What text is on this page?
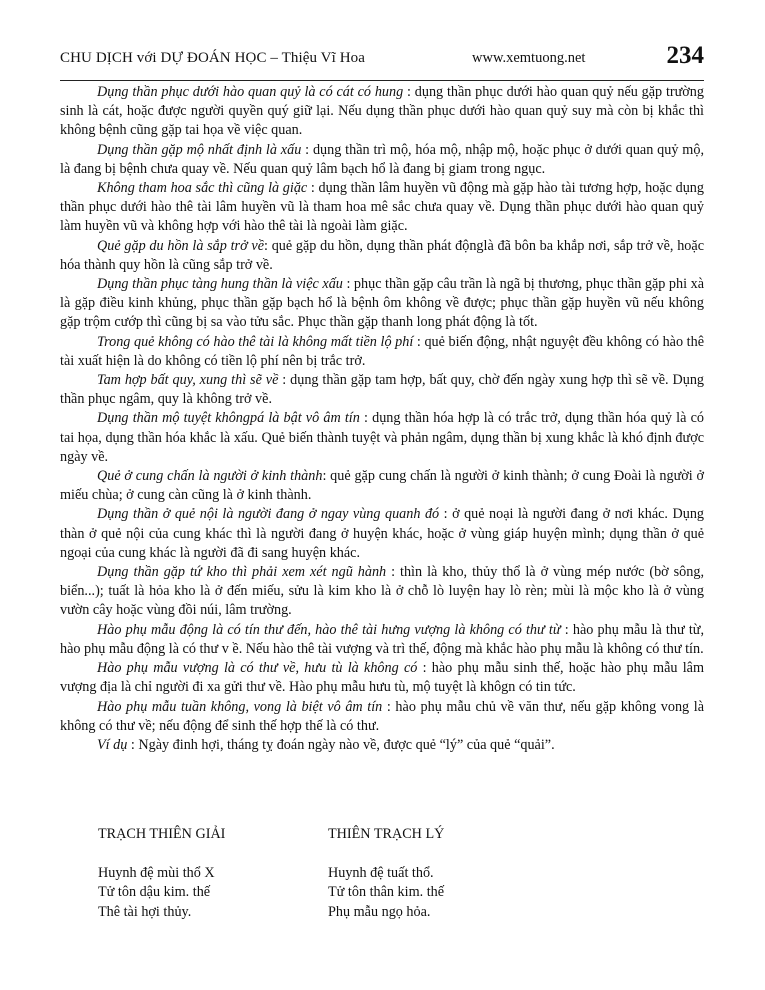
CHU DỊCH với DỰ ĐOÁN HỌC – Thiệu Vĩ Hoa	www.xemtuong.net	234

Dụng thần phục dưới hào quan quỷ là có cát có hung : dụng thần phục dưới hào quan quỷ nếu gặp trường sinh là cát, hoặc được người quyền quý giữ lại. Nếu dụng thần phục dưới hào quan quỷ suy mà còn bị khắc thì không bệnh cũng gặp tai họa về việc quan.

Dụng thần gặp mộ nhất định là xấu : dụng thần trì mộ, hóa mộ, nhập mộ, hoặc phục ở dưới quan quỷ mộ, là đang bị bệnh chưa quay về. Nếu quan quỷ lâm bạch hổ là đang bị giam trong ngục.

Không tham hoa sắc thì cũng là giặc : dụng thần lâm huyền vũ động mà gặp hào tài tương hợp, hoặc dụng thần phục dưới hào thê tài lâm huyền vũ là tham hoa mê sắc chưa quay về. Dụng thần phục dưới hào quan quỷ làm huyền vũ và không hợp với hào thê tài là ngoài làm giặc.

Quẻ gặp du hồn là sắp trở về: quẻ gặp du hồn, dụng thần phát độnglà đã bôn ba khắp nơi, sắp trở về, hoặc hóa thành quy hồn là cũng sắp trở về.

Dụng thần phục tàng hung thần là việc xấu : phục thần gặp câu trần là ngã bị thương, phục thần gặp phi xà là gặp điều kinh khủng, phục thần gặp bạch hổ là bệnh ôm không về được; phục thần gặp huyền vũ nếu không gặp trộm cướp thì cũng bị sa vào tửu sắc. Phục thần gặp thanh long phát động là tốt.

Trong quẻ không có hào thê tài là không mất tiền lộ phí : quẻ biến động, nhật nguyệt đều không có hào thê tài xuất hiện là do không có tiền lộ phí nên bị trắc trở.

Tam hợp bất quy, xung thì sẽ về : dụng thần gặp tam hợp, bất quy, chờ đến ngày xung hợp thì sẽ về. Dụng thần phục ngâm, quy là không trở về.

Dụng thần mộ tuyệt khôngpá là bật vô âm tín : dụng thần hóa hợp là có trắc trở, dụng thần hóa quỷ là có tai họa, dụng thần hóa khắc là xấu. Quẻ biến thành tuyệt và phản ngâm, dụng thần bị xung khắc là khó định được ngày về.

Quẻ ở cung chấn là người ở kinh thành: quẻ gặp cung chấn là người ở kinh thành; ở cung Đoài là người ở miếu chùa; ở cung càn cũng là ở kinh thành.

Dụng thần ở quẻ nội là người đang ở ngay vùng quanh đó : ở quẻ noại là người đang ở nơi khác. Dụng thàn ở quẻ nội của cung khác thì là người đang ở huyện khác, hoặc ở vùng giáp huyện mình; dụng thần ở quẻ ngoại của cung khác là người đã đi sang huyện khác.

Dụng thần gặp tứ kho thì phải xem xét ngũ hành : thìn là kho, thủy thổ là ở vùng mép nước (bờ sông, biển...); tuất là hỏa kho là ở đến miếu, sửu là kim kho là ở chỗ lò luyện hay lò rèn; mùi là mộc kho là ở vùng vườn cây hoặc vùng đồi núi, lâm trường.

Hào phụ mẫu động là có tín thư đến, hào thê tài hưng vượng là không có thư từ : hào phụ mẫu là thư từ, hào phụ mẫu động là có thư v ề. Nếu hào thê tài vượng và trì thế, động mà khắc hào phụ mẫu là không có thư tín.

Hào phụ mẫu vượng là có thư về, hưu tù là không có : hào phụ mẫu sinh thế, hoặc hào phụ mẫu lâm vượng địa là chỉ người đi xa gửi thư về. Hào phụ mẫu hưu tù, mộ tuyệt là khôgn có tin tức.

Hào phụ mẫu tuần không, vong là biệt vô âm tín : hào phụ mẫu chủ về văn thư, nếu gặp không vong là không có thư về; nếu động để sinh thế hợp thế là có thư.

Ví dụ : Ngày đinh hợi, tháng tỵ đoán ngày nào về, được quẻ “lý” của quẻ “quải”.

TRẠCH THIÊN GIẢI
Huynh đệ mùi thổ X
Tử tôn dậu kim. thế
Thê tài hợi thủy.
THIÊN TRẠCH LÝ
Huynh đệ tuất thổ.
Tử tôn thân kim. thế
Phụ mẫu ngọ hỏa.
